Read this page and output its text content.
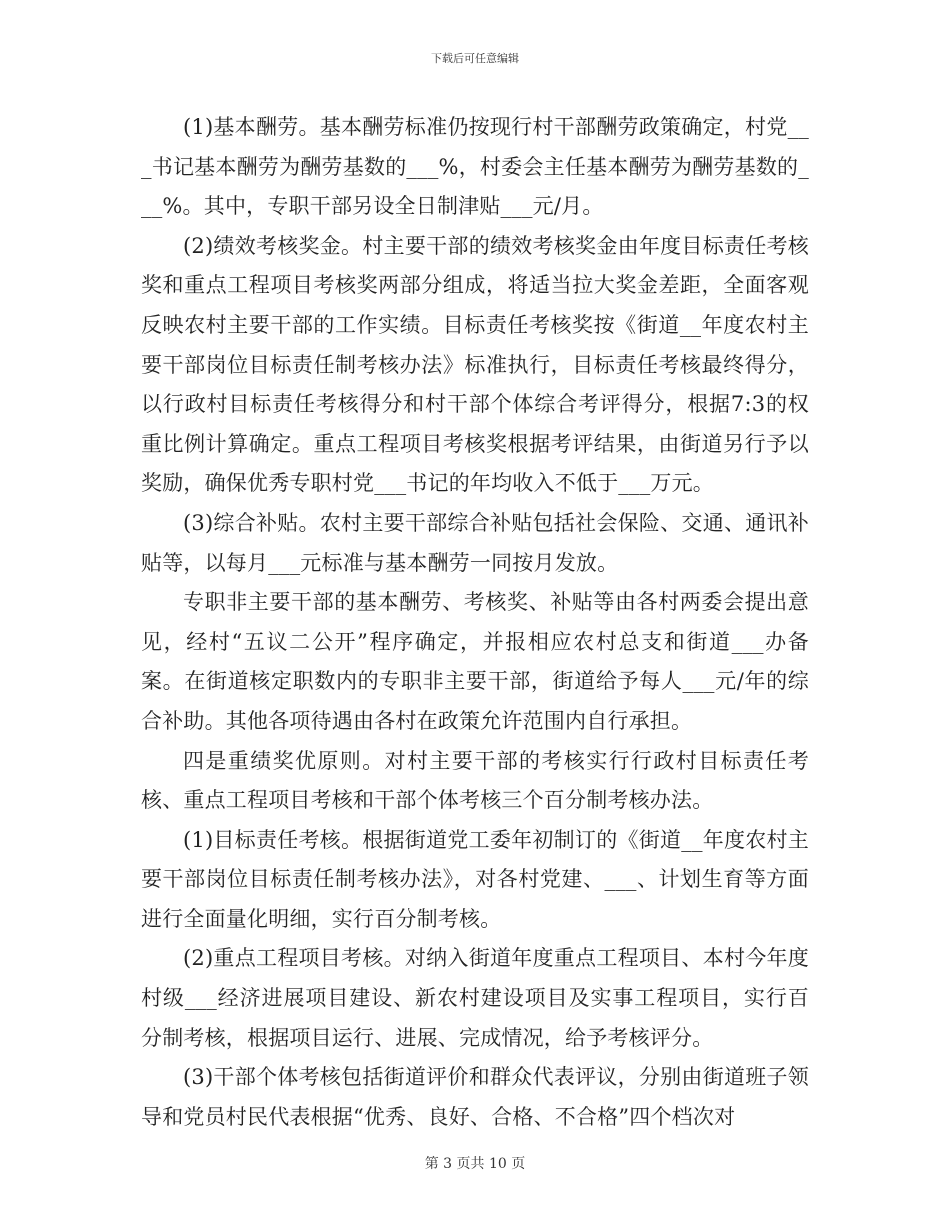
下载后可任意编辑

(1)基本酬劳。基本酬劳标准仍按现行村干部酬劳政策确定，村党___书记基本酬劳为酬劳基数的___%，村委会主任基本酬劳为酬劳基数的___%。其中，专职干部另设全日制津贴___元/月。

(2)绩效考核奖金。村主要干部的绩效考核奖金由年度目标责任考核奖和重点工程项目考核奖两部分组成，将适当拉大奖金差距，全面客观反映农村主要干部的工作实绩。目标责任考核奖按《街道__年度农村主要干部岗位目标责任制考核办法》标准执行，目标责任考核最终得分，以行政村目标责任考核得分和村干部个体综合考评得分，根据7:3的权重比例计算确定。重点工程项目考核奖根据考评结果，由街道另行予以奖励，确保优秀专职村党___书记的年均收入不低于___万元。

(3)综合补贴。农村主要干部综合补贴包括社会保险、交通、通讯补贴等，以每月___元标准与基本酬劳一同按月发放。

专职非主要干部的基本酬劳、考核奖、补贴等由各村两委会提出意见，经村“五议二公开”程序确定，并报相应农村总支和街道___办备案。在街道核定职数内的专职非主要干部，街道给予每人___元/年的综合补助。其他各项待遇由各村在政策允许范围内自行承担。

四是重绩奖优原则。对村主要干部的考核实行行政村目标责任考核、重点工程项目考核和干部个体考核三个百分制考核办法。

(1)目标责任考核。根据街道党工委年初制订的《街道__年度农村主要干部岗位目标责任制考核办法》，对各村党建、___、计划生育等方面进行全面量化明细，实行百分制考核。

(2)重点工程项目考核。对纳入街道年度重点工程项目、本村今年度村级___经济进展项目建设、新农村建设项目及实事工程项目，实行百分制考核，根据项目运行、进展、完成情况，给予考核评分。

(3)干部个体考核包括街道评价和群众代表评议，分别由街道班子领导和党员村民代表根据“优秀、良好、合格、不合格”四个档次对

第 3 页共 10 页
